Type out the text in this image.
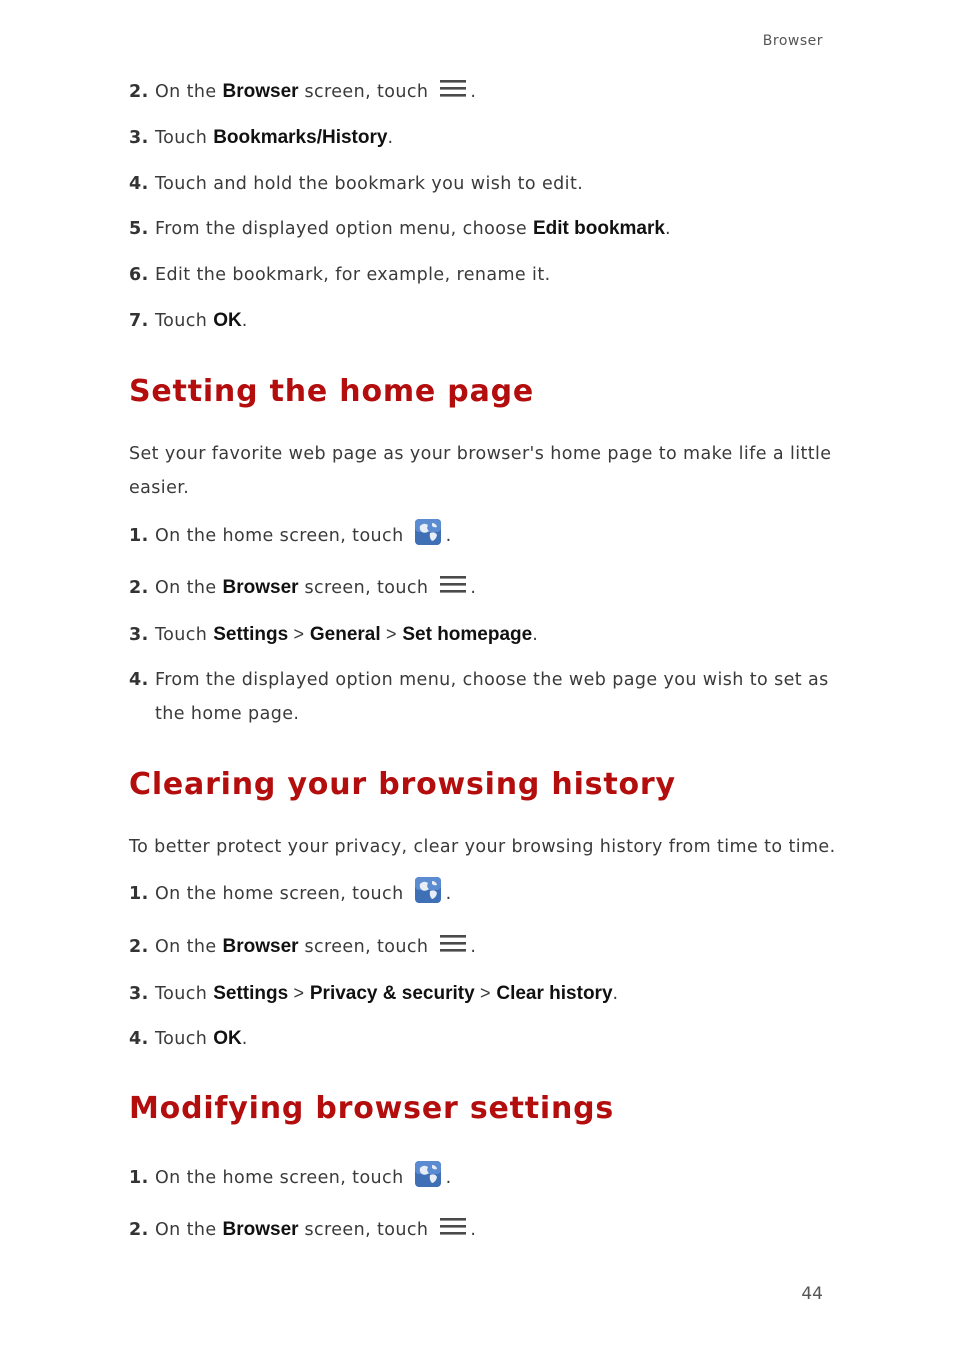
Browser
2. On the Browser screen, touch .
3. Touch Bookmarks/History.
4. Touch and hold the bookmark you wish to edit.
5. From the displayed option menu, choose Edit bookmark.
6. Edit the bookmark, for example, rename it.
7. Touch OK.
Setting the home page
Set your favorite web page as your browser's home page to make life a little easier.
1. On the home screen, touch .
2. On the Browser screen, touch .
3. Touch Settings > General > Set homepage.
4. From the displayed option menu, choose the web page you wish to set as
the home page.
Clearing your browsing history
To better protect your privacy, clear your browsing history from time to time.
1. On the home screen, touch .
2. On the Browser screen, touch .
3. Touch Settings > Privacy & security > Clear history.
4. Touch OK.
Modifying browser settings
1. On the home screen, touch .
2. On the Browser screen, touch .
44
